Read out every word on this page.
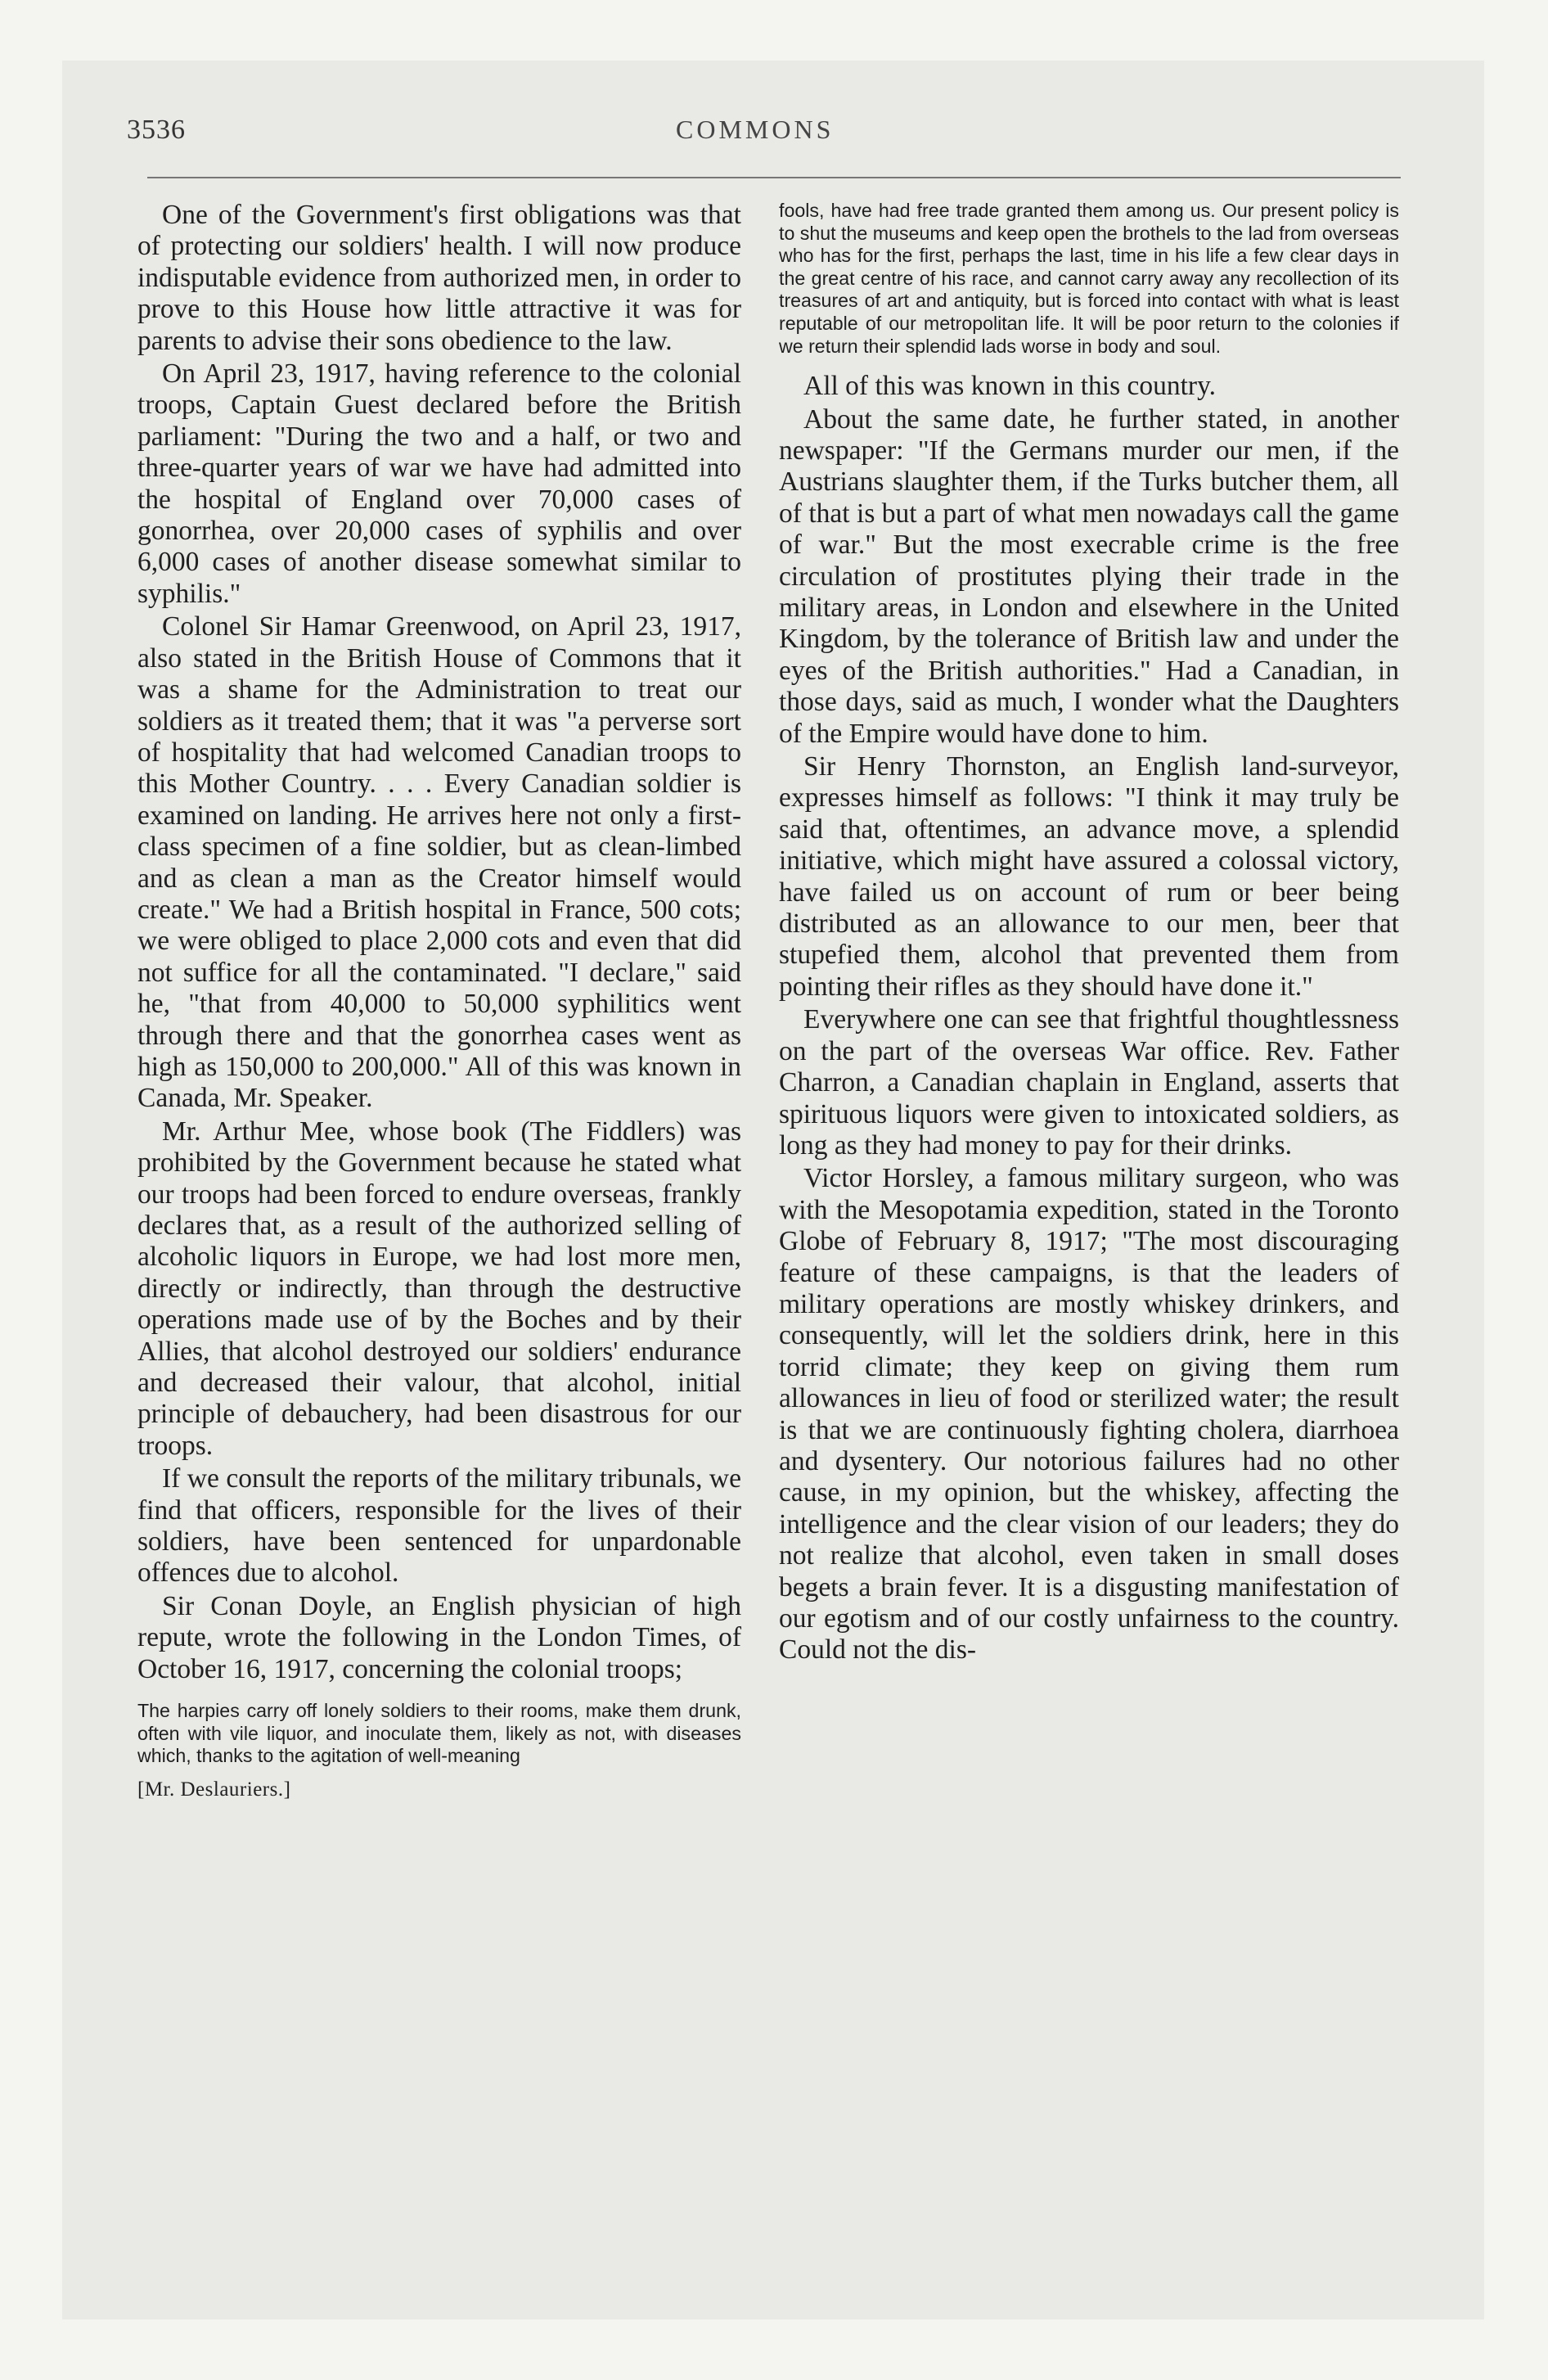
3536	COMMONS

One of the Government's first obligations was that of protecting our soldiers' health. I will now produce indisputable evidence from authorized men, in order to prove to this House how little attractive it was for parents to advise their sons obedience to the law.

On April 23, 1917, having reference to the colonial troops, Captain Guest declared before the British parliament: "During the two and a half, or two and three-quarter years of war we have had admitted into the hospital of England over 70,000 cases of gonorrhea, over 20,000 cases of syphilis and over 6,000 cases of another disease somewhat similar to syphilis."

Colonel Sir Hamar Greenwood, on April 23, 1917, also stated in the British House of Commons that it was a shame for the Administration to treat our soldiers as it treated them; that it was "a perverse sort of hospitality that had welcomed Canadian troops to this Mother Country. . . . Every Canadian soldier is examined on landing. He arrives here not only a first-class specimen of a fine soldier, but as clean-limbed and as clean a man as the Creator himself would create." We had a British hospital in France, 500 cots; we were obliged to place 2,000 cots and even that did not suffice for all the contaminated. "I declare," said he, "that from 40,000 to 50,000 syphilitics went through there and that the gonorrhea cases went as high as 150,000 to 200,000." All of this was known in Canada, Mr. Speaker.

Mr. Arthur Mee, whose book (The Fiddlers) was prohibited by the Government because he stated what our troops had been forced to endure overseas, frankly declares that, as a result of the authorized selling of alcoholic liquors in Europe, we had lost more men, directly or indirectly, than through the destructive operations made use of by the Boches and by their Allies, that alcohol destroyed our soldiers' endurance and decreased their valour, that alcohol, initial principle of debauchery, had been disastrous for our troops.

If we consult the reports of the military tribunals, we find that officers, responsible for the lives of their soldiers, have been sentenced for unpardonable offences due to alcohol.

Sir Conan Doyle, an English physician of high repute, wrote the following in the London Times, of October 16, 1917, concerning the colonial troops;

The harpies carry off lonely soldiers to their rooms, make them drunk, often with vile liquor, and inoculate them, likely as not, with diseases which, thanks to the agitation of well-meaning

[Mr. Deslauriers.]

fools, have had free trade granted them among us. Our present policy is to shut the museums and keep open the brothels to the lad from overseas who has for the first, perhaps the last, time in his life a few clear days in the great centre of his race, and cannot carry away any recollection of its treasures of art and antiquity, but is forced into contact with what is least reputable of our metropolitan life. It will be poor return to the colonies if we return their splendid lads worse in body and soul.

All of this was known in this country.

About the same date, he further stated, in another newspaper: "If the Germans murder our men, if the Austrians slaughter them, if the Turks butcher them, all of that is but a part of what men nowadays call the game of war." But the most execrable crime is the free circulation of prostitutes plying their trade in the military areas, in London and elsewhere in the United Kingdom, by the tolerance of British law and under the eyes of the British authorities." Had a Canadian, in those days, said as much, I wonder what the Daughters of the Empire would have done to him.

Sir Henry Thornston, an English land-surveyor, expresses himself as follows: "I think it may truly be said that, oftentimes, an advance move, a splendid initiative, which might have assured a colossal victory, have failed us on account of rum or beer being distributed as an allowance to our men, beer that stupefied them, alcohol that prevented them from pointing their rifles as they should have done it."

Everywhere one can see that frightful thoughtlessness on the part of the overseas War office. Rev. Father Charron, a Canadian chaplain in England, asserts that spirituous liquors were given to intoxicated soldiers, as long as they had money to pay for their drinks.

Victor Horsley, a famous military surgeon, who was with the Mesopotamia expedition, stated in the Toronto Globe of February 8, 1917; "The most discouraging feature of these campaigns, is that the leaders of military operations are mostly whiskey drinkers, and consequently, will let the soldiers drink, here in this torrid climate; they keep on giving them rum allowances in lieu of food or sterilized water; the result is that we are continuously fighting cholera, diarrhoea and dysentery. Our notorious failures had no other cause, in my opinion, but the whiskey, affecting the intelligence and the clear vision of our leaders; they do not realize that alcohol, even taken in small doses begets a brain fever. It is a disgusting manifestation of our egotism and of our costly unfairness to the country. Could not the dis-
